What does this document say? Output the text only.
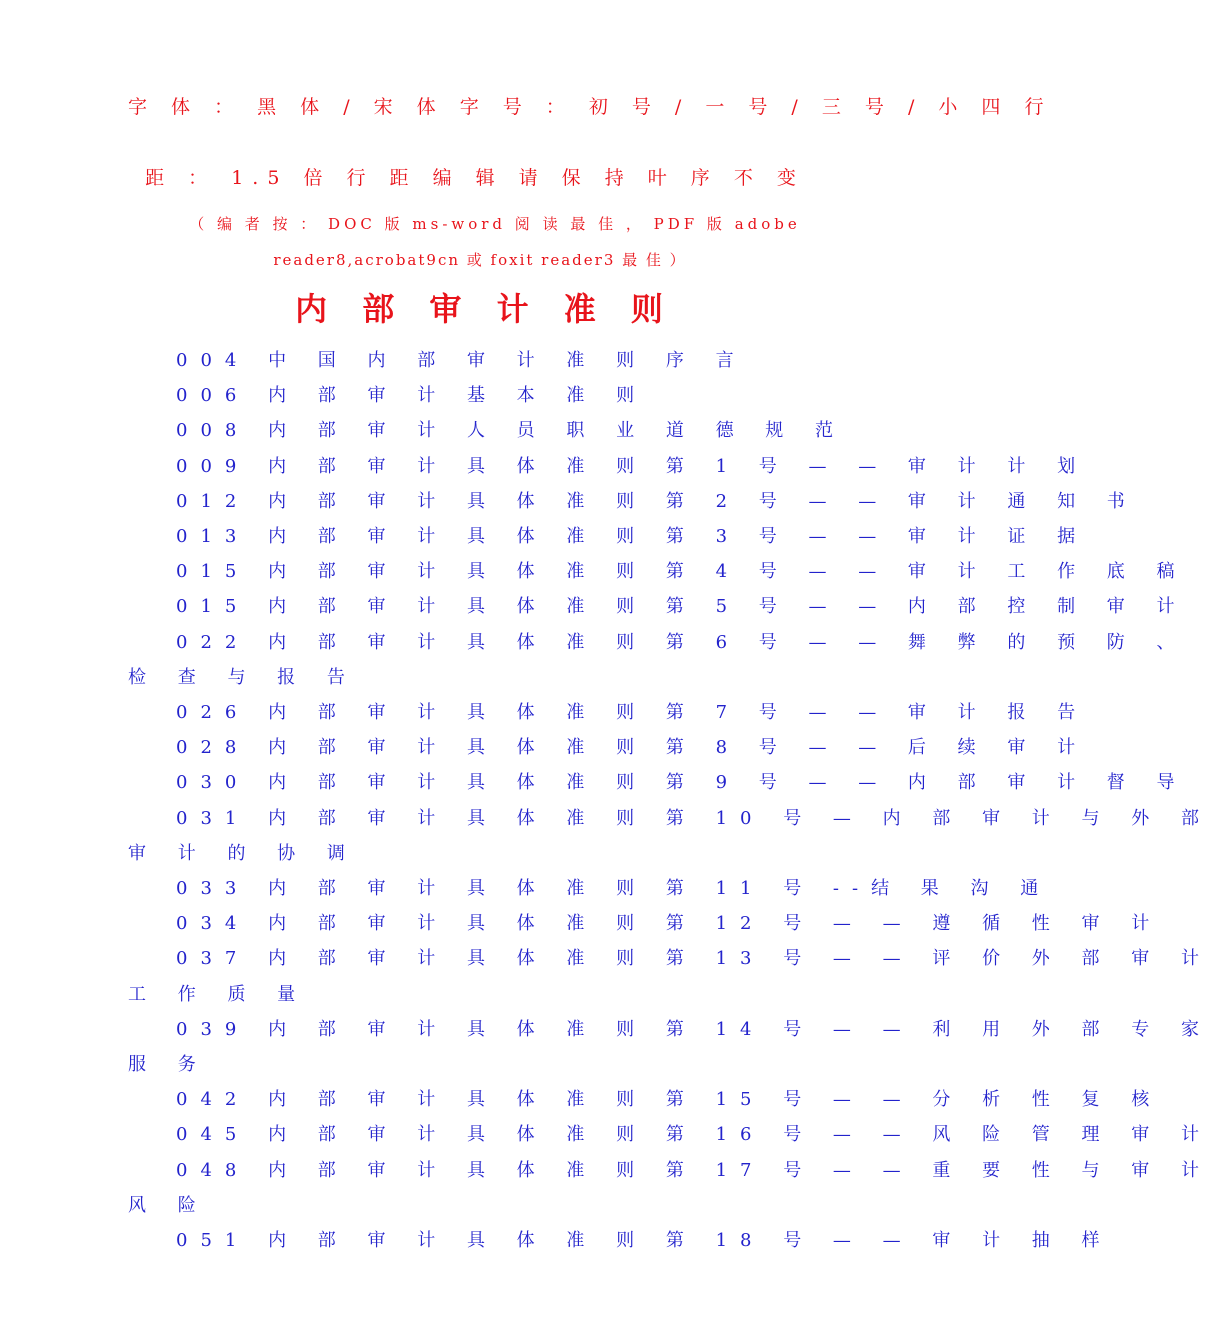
字 体 ： 黑 体 / 宋 体 字 号 ： 初 号 / 一 号 / 三 号 / 小 四 行
距 ： 1.5 倍 行 距 编 辑 请 保 持 叶 序 不 变
（ 编 者 按 ： DOC 版 ms-word 阅 读 最 佳 ， PDF 版 adobe
reader8,acrobat9cn 或 foxit reader3 最 佳 ）
内 部 审 计 准 则
004 中 国 内 部 审 计 准 则 序 言
006 内 部 审 计 基 本 准 则
008 内 部 审 计 人 员 职 业 道 德 规 范
009 内 部 审 计 具 体 准 则 第 1 号 — — 审 计 计 划
012 内 部 审 计 具 体 准 则 第 2 号 — — 审 计 通 知 书
013 内 部 审 计 具 体 准 则 第 3 号 — — 审 计 证 据
015 内 部 审 计 具 体 准 则 第 4 号 — — 审 计 工 作 底 稿
015 内 部 审 计 具 体 准 则 第 5 号 — — 内 部 控 制 审 计
022 内 部 审 计 具 体 准 则 第 6 号 — — 舞 弊 的 预 防 、
检 查 与 报 告
026 内 部 审 计 具 体 准 则 第 7 号 — — 审 计 报 告
028 内 部 审 计 具 体 准 则 第 8 号 — — 后 续 审 计
030 内 部 审 计 具 体 准 则 第 9 号 — — 内 部 审 计 督 导
031 内 部 审 计 具 体 准 则 第 10 号 — 内 部 审 计 与 外 部
审 计 的 协 调
033 内 部 审 计 具 体 准 则 第 11 号 --结 果 沟 通
034 内 部 审 计 具 体 准 则 第 12 号 — — 遵 循 性 审 计
037 内 部 审 计 具 体 准 则 第 13 号 — — 评 价 外 部 审 计
工 作 质 量
039 内 部 审 计 具 体 准 则 第 14 号 — — 利 用 外 部 专 家
服 务
042 内 部 审 计 具 体 准 则 第 15 号 — — 分 析 性 复 核
045 内 部 审 计 具 体 准 则 第 16 号 — — 风 险 管 理 审 计
048 内 部 审 计 具 体 准 则 第 17 号 — — 重 要 性 与 审 计
风 险
051 内 部 审 计 具 体 准 则 第 18 号 — — 审 计 抽 样
